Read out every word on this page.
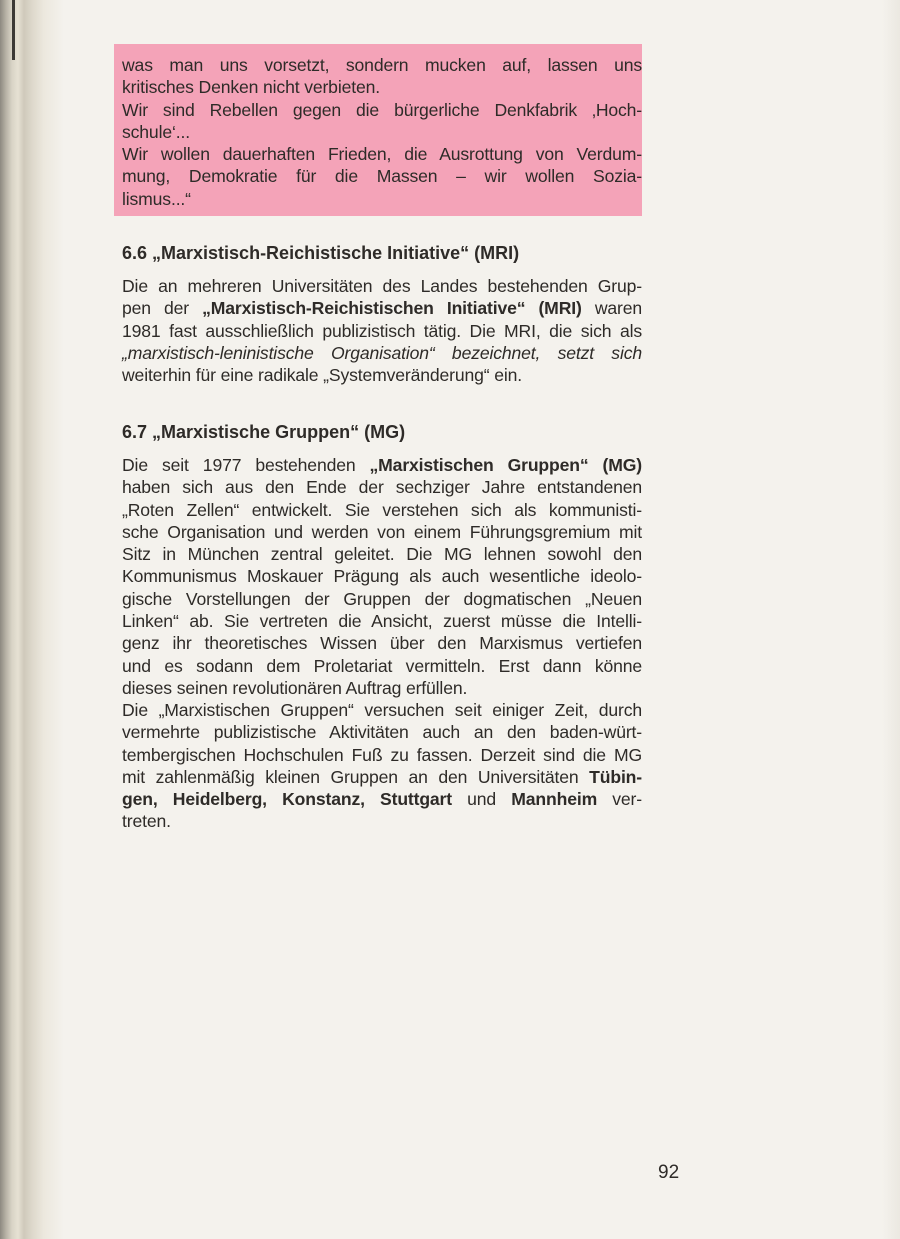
was man uns vorsetzt, sondern mucken auf, lassen uns
kritisches Denken nicht verbieten.
Wir sind Rebellen gegen die bürgerliche Denkfabrik ‚Hoch-
schule‘...
Wir wollen dauerhaften Frieden, die Ausrottung von Verdum-
mung, Demokratie für die Massen – wir wollen Sozia-
lismus...“
6.6 „Marxistisch-Reichistische Initiative“ (MRI)
Die an mehreren Universitäten des Landes bestehenden Grup-
pen der „Marxistisch-Reichistischen Initiative“ (MRI) waren
1981 fast ausschließlich publizistisch tätig. Die MRI, die sich als
„marxistisch-leninistische Organisation“ bezeichnet, setzt sich
weiterhin für eine radikale „Systemveränderung“ ein.
6.7 „Marxistische Gruppen“ (MG)
Die seit 1977 bestehenden „Marxistischen Gruppen“ (MG)
haben sich aus den Ende der sechziger Jahre entstandenen
„Roten Zellen“ entwickelt. Sie verstehen sich als kommunisti-
sche Organisation und werden von einem Führungsgremium mit
Sitz in München zentral geleitet. Die MG lehnen sowohl den
Kommunismus Moskauer Prägung als auch wesentliche ideolo-
gische Vorstellungen der Gruppen der dogmatischen „Neuen
Linken“ ab. Sie vertreten die Ansicht, zuerst müsse die Intelli-
genz ihr theoretisches Wissen über den Marxismus vertiefen
und es sodann dem Proletariat vermitteln. Erst dann könne
dieses seinen revolutionären Auftrag erfüllen.
Die „Marxistischen Gruppen“ versuchen seit einiger Zeit, durch
vermehrte publizistische Aktivitäten auch an den baden-würt-
tembergischen Hochschulen Fuß zu fassen. Derzeit sind die MG
mit zahlenmäßig kleinen Gruppen an den Universitäten Tübin-
gen, Heidelberg, Konstanz, Stuttgart und Mannheim ver-
treten.
92
